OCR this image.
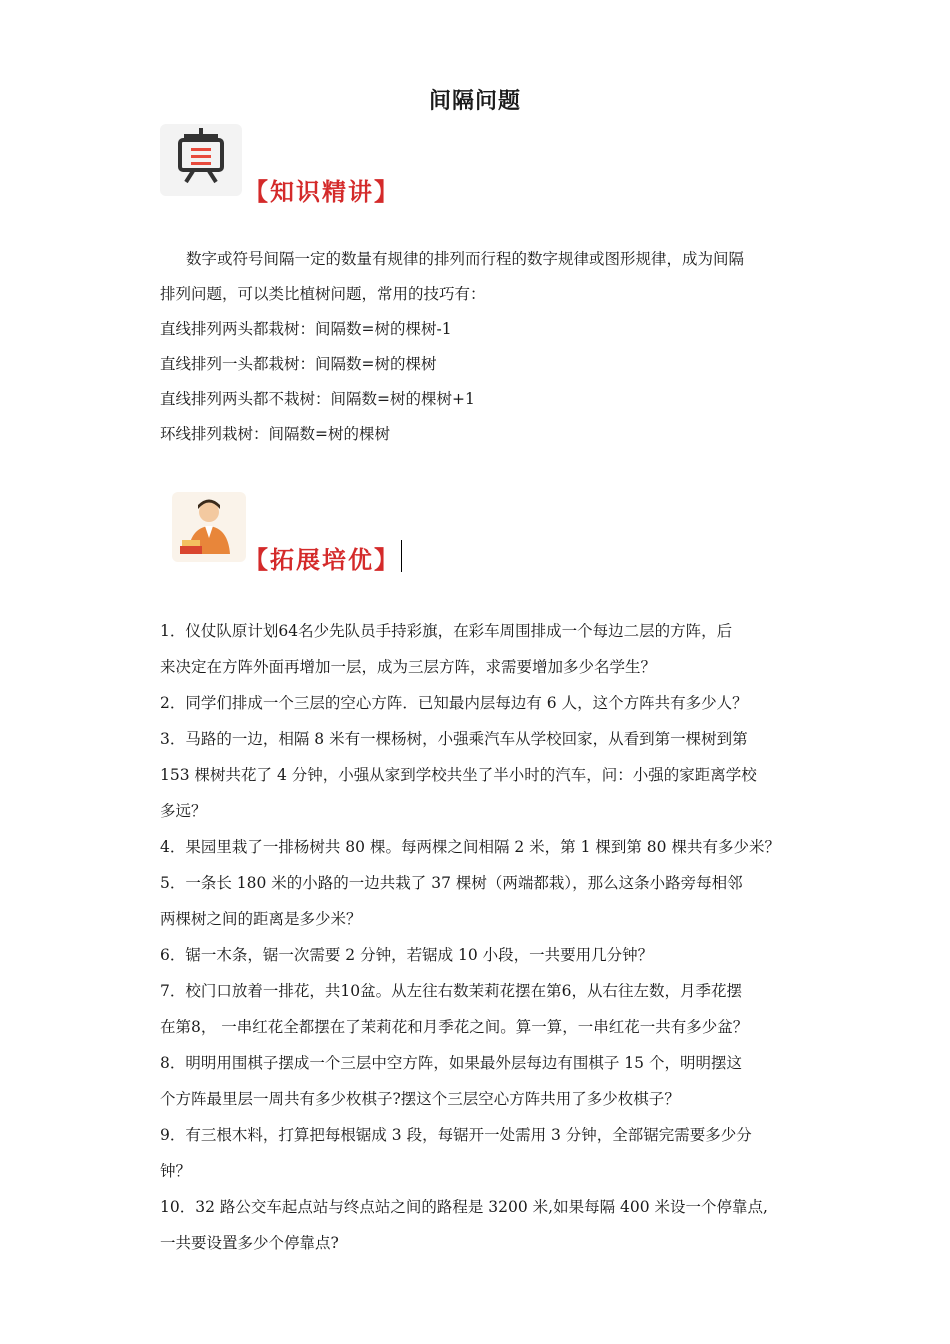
间隔问题
【知识精讲】

数字或符号间隔一定的数量有规律的排列而行程的数字规律或图形规律，成为间隔

排列问题，可以类比植树问题，常用的技巧有：

直线排列两头都栽树：间隔数=树的棵树-1

直线排列一头都栽树：间隔数=树的棵树

直线排列两头都不栽树：间隔数=树的棵树+1

环线排列栽树：间隔数=树的棵树

【拓展培优】

1．仪仗队原计划64名少先队员手持彩旗，在彩车周围排成一个每边二层的方阵，后

来决定在方阵外面再增加一层，成为三层方阵，求需要增加多少名学生？

2．同学们排成一个三层的空心方阵．已知最内层每边有 6 人，这个方阵共有多少人？

3．马路的一边，相隔 8 米有一棵杨树，小强乘汽车从学校回家，从看到第一棵树到第

153 棵树共花了 4 分钟，小强从家到学校共坐了半小时的汽车，问：小强的家距离学校

多远？

4．果园里栽了一排杨树共 80 棵。每两棵之间相隔 2 米，第 1 棵到第 80 棵共有多少米？

5．一条长 180 米的小路的一边共栽了 37 棵树（两端都栽），那么这条小路旁每相邻

两棵树之间的距离是多少米？

6．锯一木条，锯一次需要 2 分钟，若锯成 10 小段，一共要用几分钟？

7．校门口放着一排花，共10盆。从左往右数茉莉花摆在第6，从右往左数，月季花摆

在第8， 一串红花全都摆在了茉莉花和月季花之间。算一算，一串红花一共有多少盆？

8．明明用围棋子摆成一个三层中空方阵，如果最外层每边有围棋子 15 个，明明摆这

个方阵最里层一周共有多少枚棋子?摆这个三层空心方阵共用了多少枚棋子？

9．有三根木料，打算把每根锯成 3 段，每锯开一处需用 3 分钟，全部锯完需要多少分

钟？

10．32 路公交车起点站与终点站之间的路程是 3200 米,如果每隔 400 米设一个停靠点,

一共要设置多少个停靠点?
